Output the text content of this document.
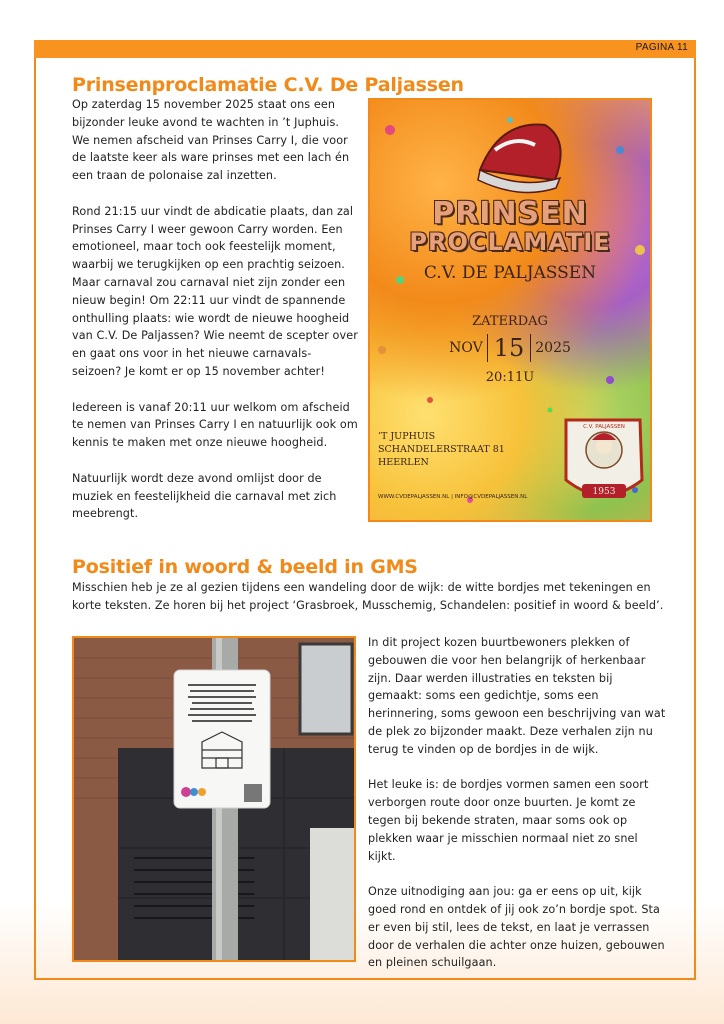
PAGINA 11
Prinsenproclamatie C.V. De Paljassen

Op zaterdag 15 november 2025 staat ons een bijzonder leuke avond te wachten in ’t Juphuis. We nemen afscheid van Prinses Carry I, die voor de laatste keer als ware prinses met een lach én een traan de polonaise zal inzetten.

Rond 21:15 uur vindt de abdicatie plaats, dan zal Prinses Carry I weer gewoon Carry worden. Een emotioneel, maar toch ook feestelijk moment, waarbij we terugkijken op een prachtig seizoen. Maar carnaval zou carnaval niet zijn zonder een nieuw begin! Om 22:11 uur vindt de spannende onthulling plaats: wie wordt de nieuwe hoogheid van C.V. De Paljassen? Wie neemt de scepter over en gaat ons voor in het nieuwe carnavals-seizoen? Je komt er op 15 november achter!

Iedereen is vanaf 20:11 uur welkom om afscheid te nemen van Prinses Carry I en natuurlijk ook om kennis te maken met onze nieuwe hoogheid.

Natuurlijk wordt deze avond omlijst door de muziek en feestelijkheid die carnaval met zich meebrengt.

1953
C.V. PALJASSEN
PRINSEN
PROCLAMATIE
C.V. DE PALJASSEN
ZATERDAG
NOV 15 2025
20:11U
’T JUPHUIS
SCHANDELERSTRAAT 81
HEERLEN
WWW.CVDEPALJASSEN.NL | INFO@CVDEPALJASSEN.NL
Positief in woord & beeld in GMS
Misschien heb je ze al gezien tijdens een wandeling door de wijk: de witte bordjes met tekeningen en korte teksten. Ze horen bij het project ‘Grasbroek, Musschemig, Schandelen: positief in woord & beeld’.

In dit project kozen buurtbewoners plekken of gebouwen die voor hen belangrijk of herkenbaar zijn. Daar werden illustraties en teksten bij gemaakt: soms een gedichtje, soms een herinnering, soms gewoon een beschrijving van wat de plek zo bijzonder maakt. Deze verhalen zijn nu terug te vinden op de bordjes in de wijk.

Het leuke is: de bordjes vormen samen een soort verborgen route door onze buurten. Je komt ze tegen bij bekende straten, maar soms ook op plekken waar je misschien normaal niet zo snel kijkt.

Onze uitnodiging aan jou: ga er eens op uit, kijk goed rond en ontdek of jij ook zo’n bordje spot. Sta er even bij stil, lees de tekst, en laat je verrassen door de verhalen die achter onze huizen, gebouwen en pleinen schuilgaan.
